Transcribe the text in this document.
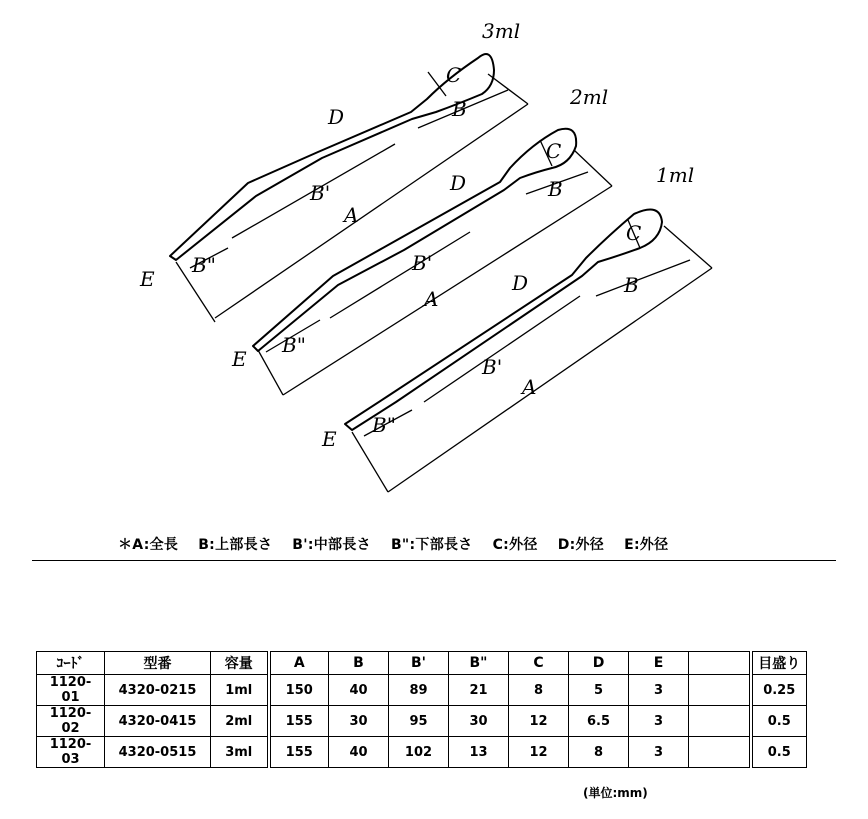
3ml
2ml
1ml
C
B
D
B'
A
B"
E
C
B
D
B'
A
B"
E
C
B
D
B'
A
B"
E
＊A:全長 B:上部長さ B':中部長さ B":下部長さ C:外径 D:外径 E:外径
ｺｰﾄﾞ	型番	容量	A	B	B'	B"	C	D	E		目盛り
1120-01	4320-0215	1ml	150	40	89	21	8	5	3		0.25
1120-02	4320-0415	2ml	155	30	95	30	12	6.5	3		0.5
1120-03	4320-0515	3ml	155	40	102	13	12	8	3		0.5
(単位:mm)
